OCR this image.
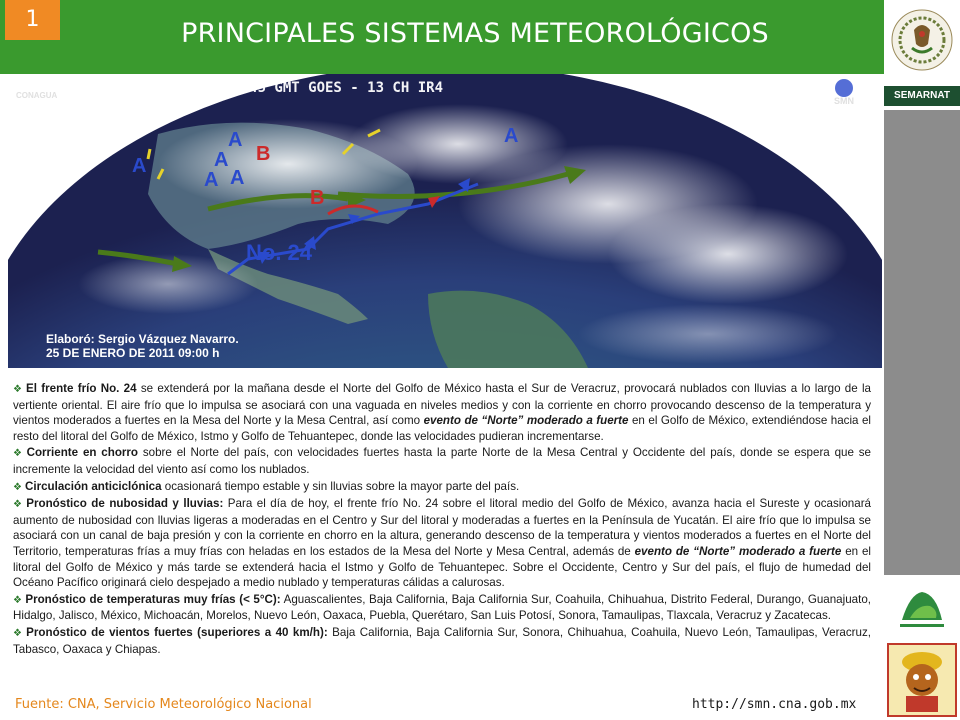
1	PRINCIPALES SISTEMAS METEOROLÓGICOS
SEMARNAT
A
A
A
A
A
A
B
B
No. 24
CONAGUA
SMN
11/01/25 11:45 GMT GOES - 13 CH IR4
Elaboró: Sergio Vázquez Navarro.
25 DE ENERO DE 2011 09:00 h

❖ El frente frío No. 24 se extenderá por la mañana desde el Norte del Golfo de México hasta el Sur de Veracruz, provocará nublados con lluvias a lo largo de la vertiente oriental. El aire frío que lo impulsa se asociará con una vaguada en niveles medios y con la corriente en chorro provocando descenso de la temperatura y vientos moderados a fuertes en la Mesa del Norte y la Mesa Central, así como evento de “Norte” moderado a fuerte en el Golfo de México, extendiéndose hacia el resto del litoral del Golfo de México, Istmo y Golfo de Tehuantepec, donde las velocidades pudieran incrementarse.

❖ Corriente en chorro sobre el Norte del país, con velocidades fuertes hasta la parte Norte de la Mesa Central y Occidente del país, donde se espera que se incremente la velocidad del viento así como los nublados.

❖ Circulación anticiclónica ocasionará tiempo estable y sin lluvias sobre la mayor parte del país.

❖ Pronóstico de nubosidad y lluvias: Para el día de hoy, el frente frío No. 24 sobre el litoral medio del Golfo de México, avanza hacia el Sureste y ocasionará aumento de nubosidad con lluvias ligeras a moderadas en el Centro y Sur del litoral y moderadas a fuertes en la Península de Yucatán. El aire frío que lo impulsa se asociará con un canal de baja presión y con la corriente en chorro en la altura, generando descenso de la temperatura y vientos moderados a fuertes en el Norte del Territorio, temperaturas frías a muy frías con heladas en los estados de la Mesa del Norte y Mesa Central, además de evento de “Norte” moderado a fuerte en el litoral del Golfo de México y más tarde se extenderá hacia el Istmo y Golfo de Tehuantepec. Sobre el Occidente, Centro y Sur del país, el flujo de humedad del Océano Pacífico originará cielo despejado a medio nublado y temperaturas cálidas a calurosas.

❖ Pronóstico de temperaturas muy frías (< 5°C): Aguascalientes, Baja California, Baja California Sur, Coahuila, Chihuahua, Distrito Federal, Durango, Guanajuato, Hidalgo, Jalisco, México, Michoacán, Morelos, Nuevo León, Oaxaca, Puebla, Querétaro, San Luis Potosí, Sonora, Tamaulipas, Tlaxcala, Veracruz y Zacatecas.

❖ Pronóstico de vientos fuertes (superiores a 40 km/h): Baja California, Baja California Sur, Sonora, Chihuahua, Coahuila, Nuevo León, Tamaulipas, Veracruz, Tabasco, Oaxaca y Chiapas.

Fuente: CNA, Servicio Meteorológico Nacional	http://smn.cna.gob.mx
